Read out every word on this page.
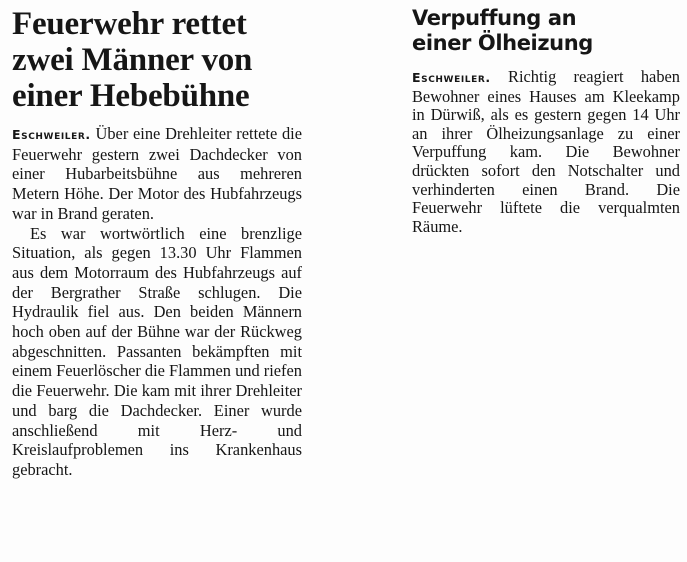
Feuerwehr rettet zwei Männer von einer Hebebühne

Eschweiler. Über eine Drehleiter rettete die Feuerwehr gestern zwei Dachdecker von einer Hubarbeitsbühne aus mehreren Metern Höhe. Der Motor des Hubfahrzeugs war in Brand geraten.

Es war wortwörtlich eine brenzlige Situation, als gegen 13.30 Uhr Flammen aus dem Motorraum des Hubfahrzeugs auf der Bergrather Straße schlugen. Die Hydraulik fiel aus. Den beiden Männern hoch oben auf der Bühne war der Rückweg abgeschnitten. Passanten bekämpften mit einem Feuerlöscher die Flammen und riefen die Feuerwehr. Die kam mit ihrer Drehleiter und barg die Dachdecker. Einer wurde anschließend mit Herz- und Kreislaufproblemen ins Krankenhaus gebracht.

Verpuffung an
einer Ölheizung

Eschweiler. Richtig reagiert haben Bewohner eines Hauses am Kleekamp in Dürwiß, als es gestern gegen 14 Uhr an ihrer Ölheizungsanlage zu einer Verpuffung kam. Die Bewohner drückten sofort den Notschalter und verhinderten einen Brand. Die Feuerwehr lüftete die verqualmten Räume.
